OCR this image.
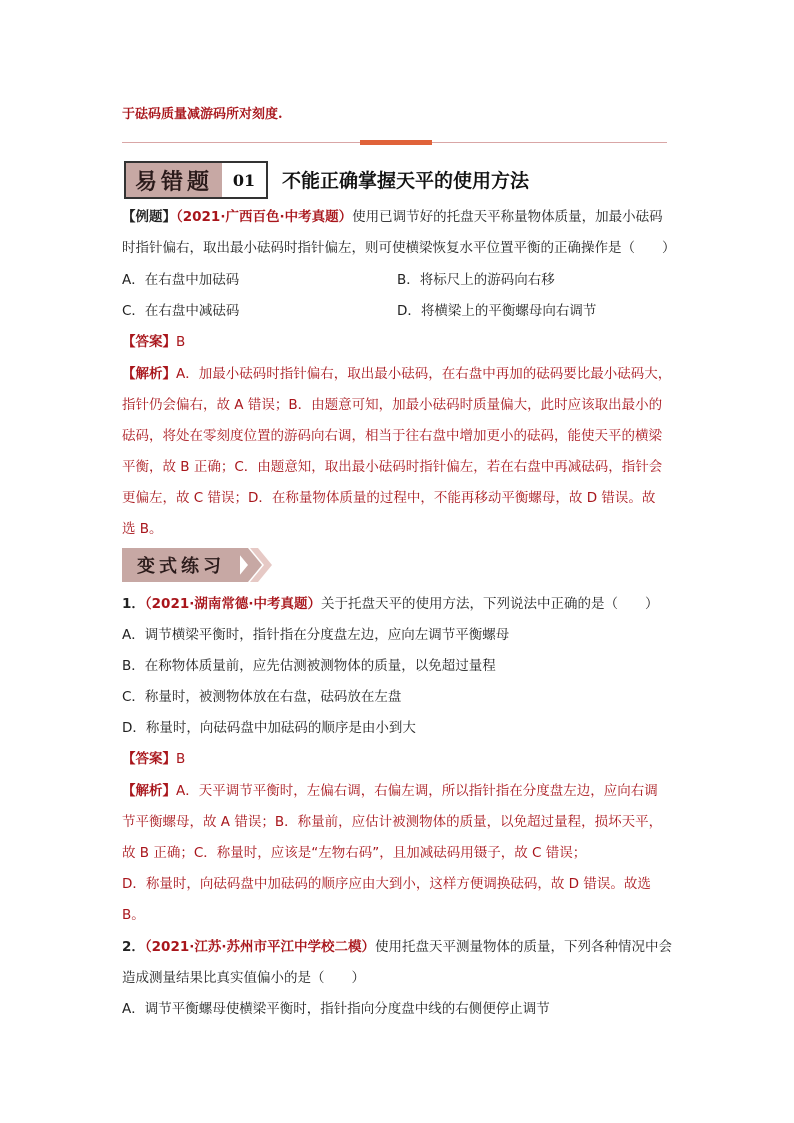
于砝码质量减游码所对刻度.
易错题	01	不能正确掌握天平的使用方法
【例题】（2021·广西百色·中考真题）使用已调节好的托盘天平称量物体质量，加最小砝码
时指针偏右，取出最小砝码时指针偏左，则可使横梁恢复水平位置平衡的正确操作是（　　）
A．在右盘中加砝码	B．将标尺上的游码向右移
C．在右盘中减砝码	D．将横梁上的平衡螺母向右调节
【答案】B
【解析】A．加最小砝码时指针偏右，取出最小砝码，在右盘中再加的砝码要比最小砝码大，
指针仍会偏右，故 A 错误；B．由题意可知，加最小砝码时质量偏大，此时应该取出最小的
砝码，将处在零刻度位置的游码向右调，相当于往右盘中增加更小的砝码，能使天平的横梁
平衡，故 B 正确；C．由题意知，取出最小砝码时指针偏左，若在右盘中再减砝码，指针会
更偏左，故 C 错误；D．在称量物体质量的过程中，不能再移动平衡螺母，故 D 错误。故
选 B。
变式练习
1．（2021·湖南常德·中考真题）关于托盘天平的使用方法，下列说法中正确的是（　　）
A．调节横梁平衡时，指针指在分度盘左边，应向左调节平衡螺母
B．在称物体质量前，应先估测被测物体的质量，以免超过量程
C．称量时，被测物体放在右盘，砝码放在左盘
D．称量时，向砝码盘中加砝码的顺序是由小到大
【答案】B
【解析】A．天平调节平衡时，左偏右调，右偏左调，所以指针指在分度盘左边，应向右调
节平衡螺母，故 A 错误；B．称量前，应估计被测物体的质量，以免超过量程，损坏天平，
故 B 正确；C．称量时，应该是“左物右码”，且加减砝码用镊子，故 C 错误；
D．称量时，向砝码盘中加砝码的顺序应由大到小，这样方便调换砝码，故 D 错误。故选
B。
2．（2021·江苏·苏州市平江中学校二模）使用托盘天平测量物体的质量，下列各种情况中会
造成测量结果比真实值偏小的是（　　）
A．调节平衡螺母使横梁平衡时，指针指向分度盘中线的右侧便停止调节
